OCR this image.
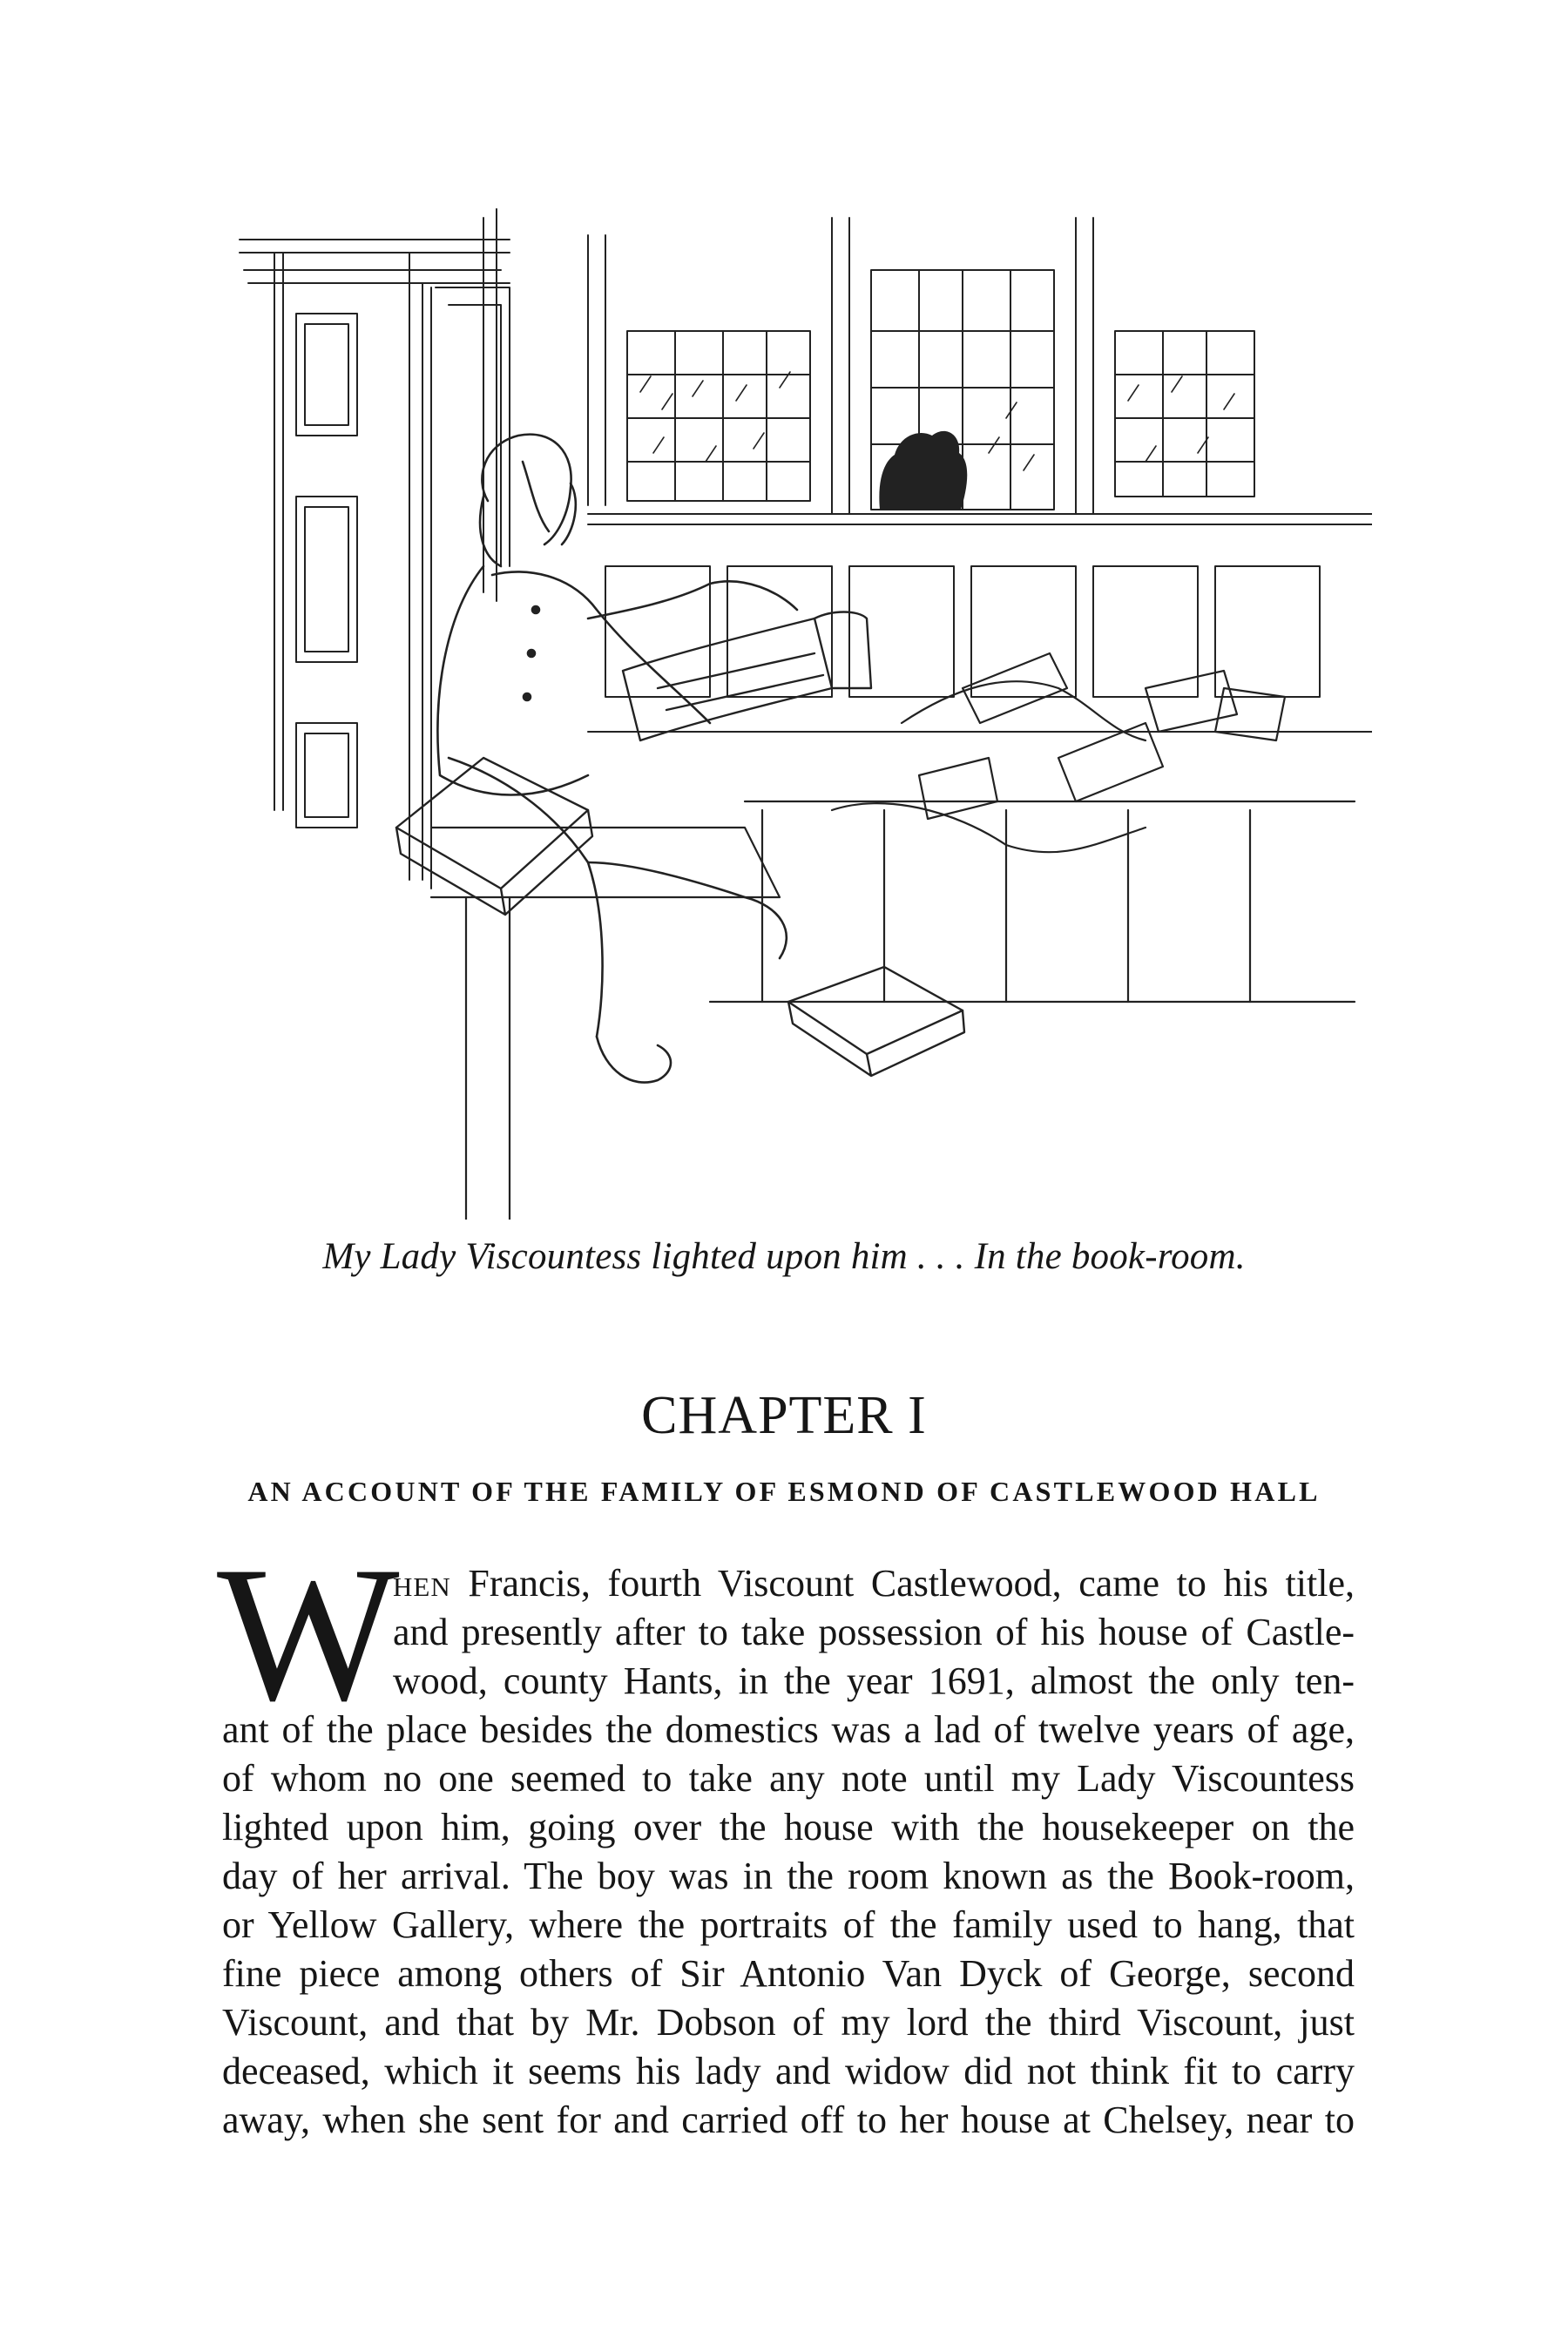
My Lady Viscountess lighted upon him . . . In the book-room.
CHAPTER I
AN ACCOUNT OF THE FAMILY OF ESMOND OF CASTLEWOOD HALL
W
hen Francis, fourth Viscount Castlewood, came to his title,
and presently after to take possession of his house of Castle-
wood, county Hants, in the year 1691, almost the only ten-
ant of the place besides the domestics was a lad of twelve years of age,
of whom no one seemed to take any note until my Lady Viscountess
lighted upon him, going over the house with the housekeeper on the
day of her arrival. The boy was in the room known as the Book-room,
or Yellow Gallery, where the portraits of the family used to hang, that
fine piece among others of Sir Antonio Van Dyck of George, second
Viscount, and that by Mr. Dobson of my lord the third Viscount, just
deceased, which it seems his lady and widow did not think fit to carry
away, when she sent for and carried off to her house at Chelsey, near to
